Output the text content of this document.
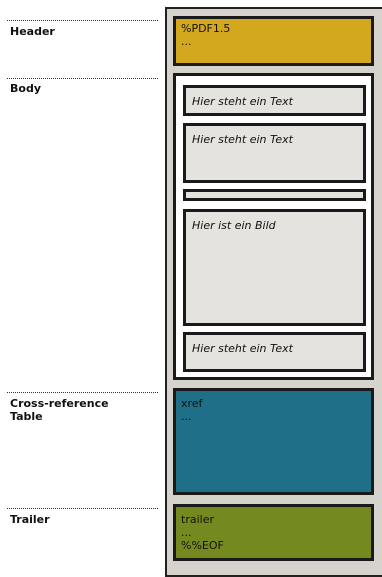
Header
Body
Cross-reference
Table
Trailer
%PDF1.5
...
Hier steht ein Text
Hier steht ein Text
Hier ist ein Bild
Hier steht ein Text
xref
...
trailer
...
%%EOF
